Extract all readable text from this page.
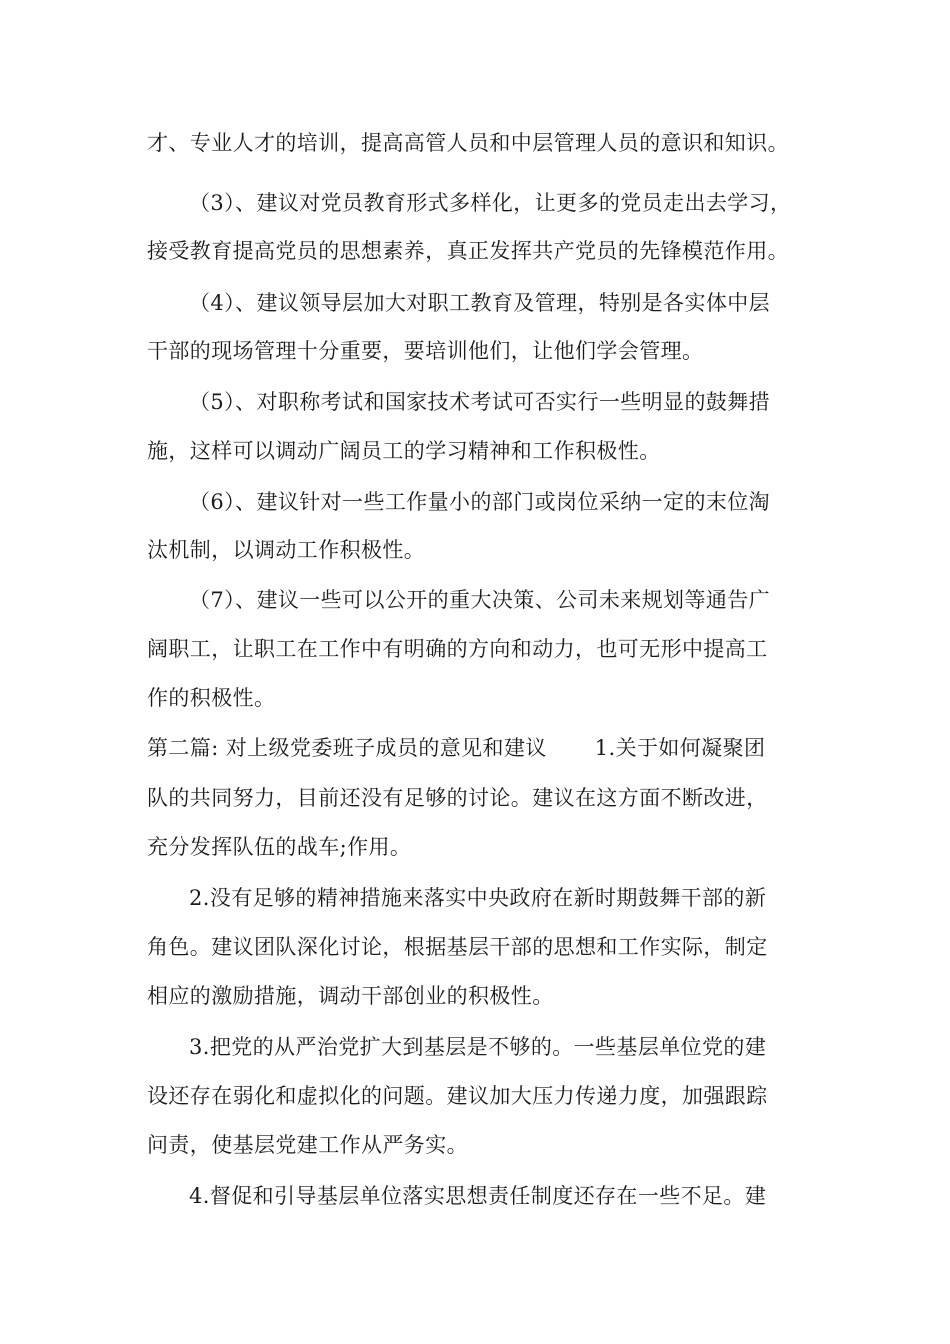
才、专业人才的培训，提高高管人员和中层管理人员的意识和知识。
（3）、建议对党员教育形式多样化，让更多的党员走出去学习，
接受教育提高党员的思想素养，真正发挥共产党员的先锋模范作用。
（4）、建议领导层加大对职工教育及管理，特别是各实体中层
干部的现场管理十分重要，要培训他们，让他们学会管理。
（5）、对职称考试和国家技术考试可否实行一些明显的鼓舞措
施，这样可以调动广阔员工的学习精神和工作积极性。
（6）、建议针对一些工作量小的部门或岗位采纳一定的末位淘
汰机制，以调动工作积极性。
（7）、建议一些可以公开的重大决策、公司未来规划等通告广
阔职工，让职工在工作中有明确的方向和动力，也可无形中提高工
作的积极性。
第二篇: 对上级党委班子成员的意见和建议 1.关于如何凝聚团
队的共同努力，目前还没有足够的讨论。建议在这方面不断改进，
充分发挥队伍的战车;作用。
2.没有足够的精神措施来落实中央政府在新时期鼓舞干部的新
角色。建议团队深化讨论，根据基层干部的思想和工作实际，制定
相应的激励措施，调动干部创业的积极性。
3.把党的从严治党扩大到基层是不够的。一些基层单位党的建
设还存在弱化和虚拟化的问题。建议加大压力传递力度，加强跟踪
问责，使基层党建工作从严务实。
4.督促和引导基层单位落实思想责任制度还存在一些不足。建
